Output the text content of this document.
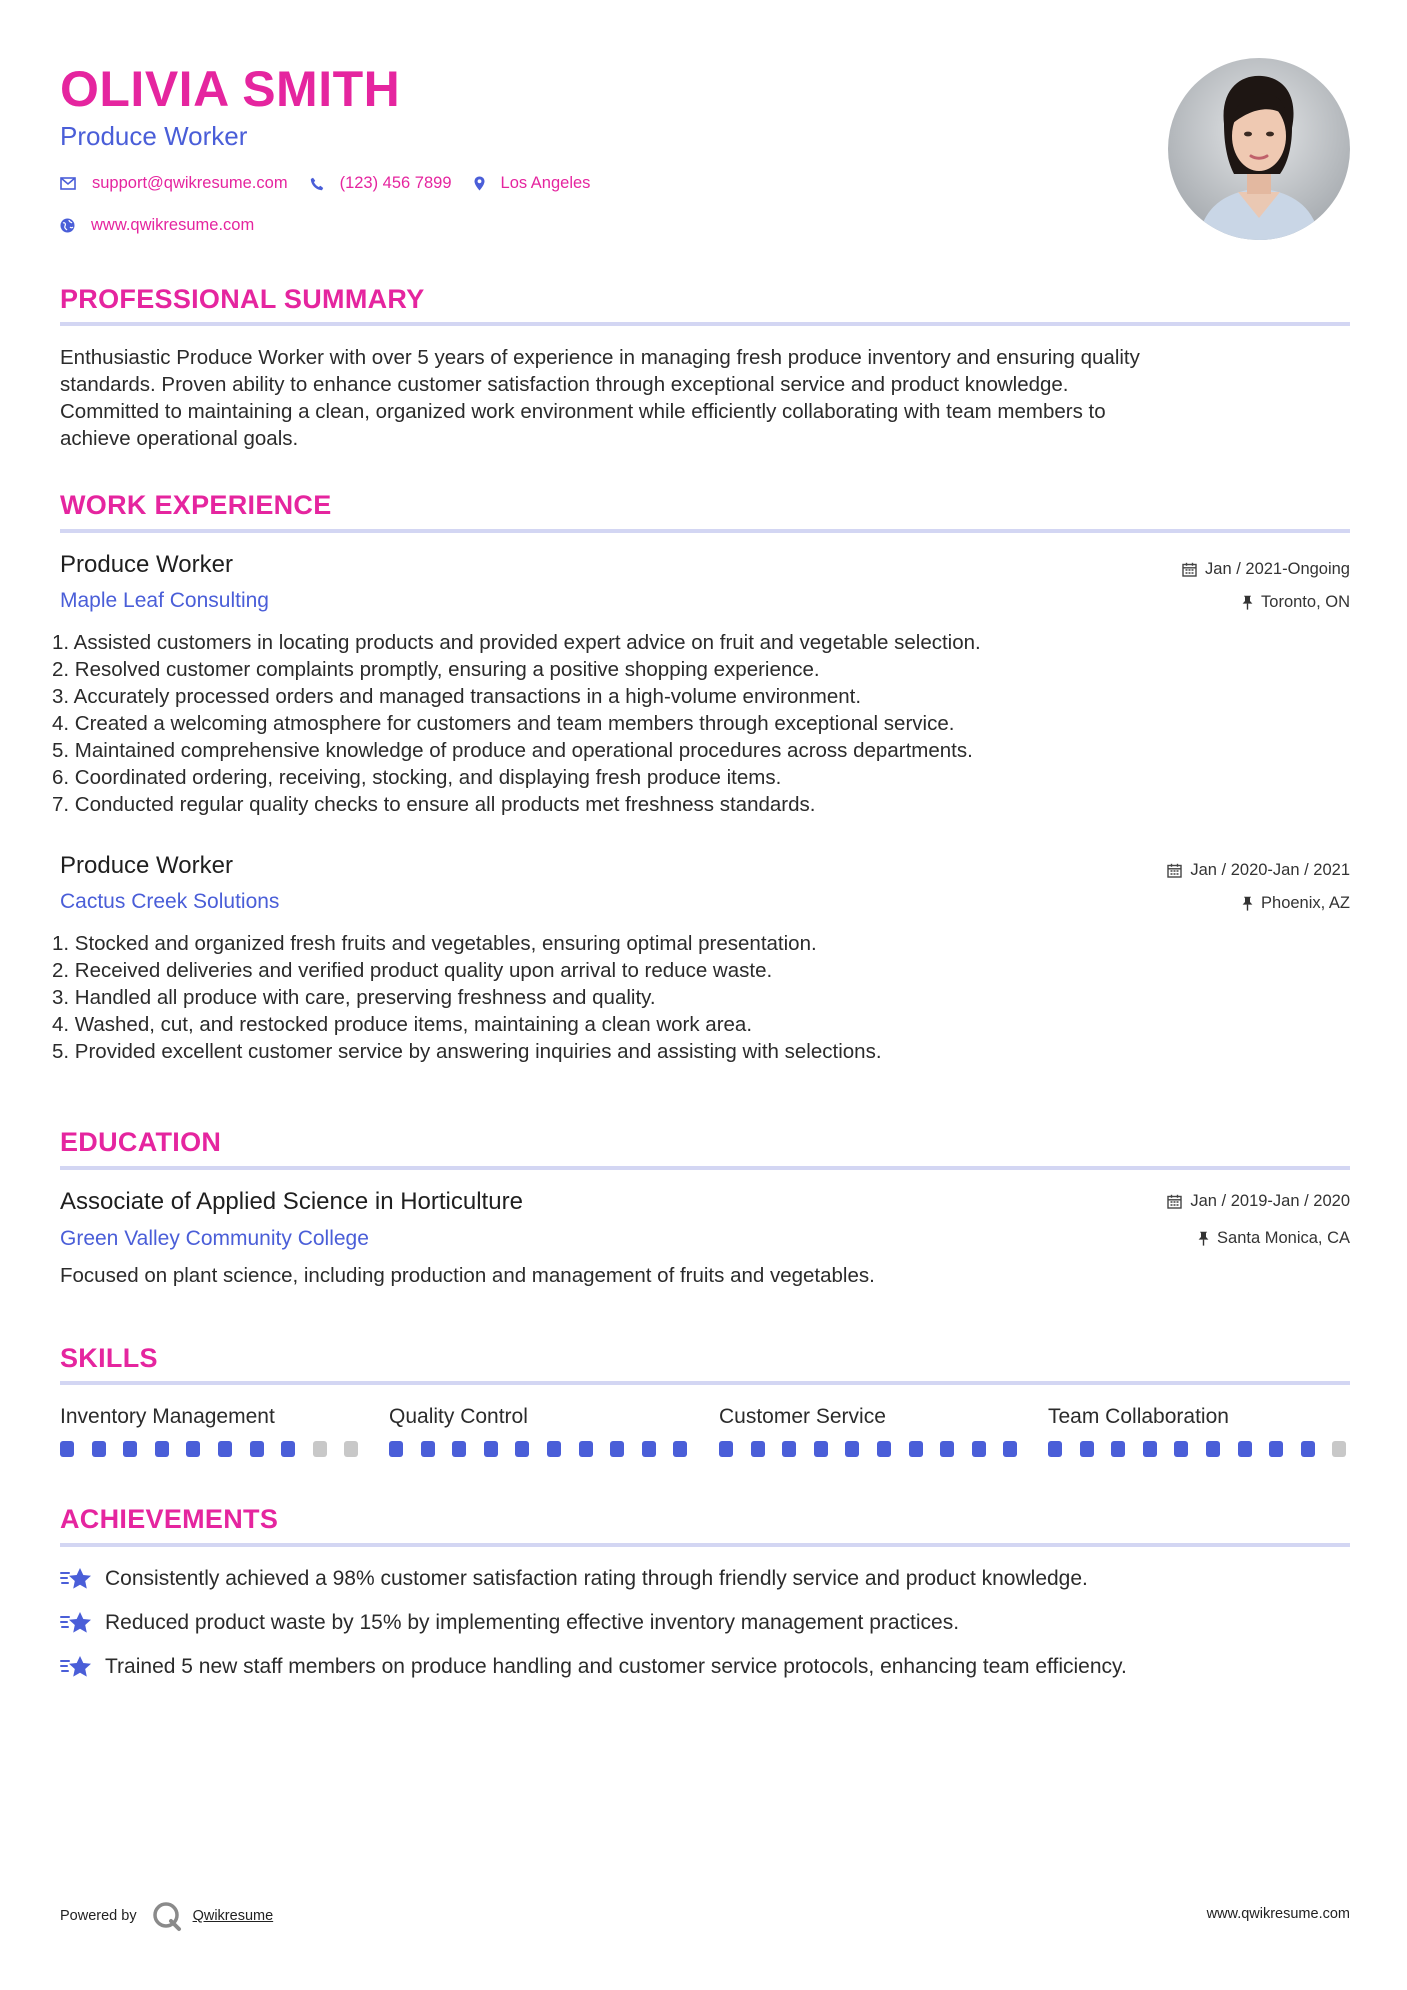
OLIVIA SMITH
Produce Worker
support@qwikresume.com	(123) 456 7899	Los Angeles
www.qwikresume.com
PROFESSIONAL SUMMARY
Enthusiastic Produce Worker with over 5 years of experience in managing fresh produce inventory and ensuring quality
standards. Proven ability to enhance customer satisfaction through exceptional service and product knowledge.
Committed to maintaining a clean, organized work environment while efficiently collaborating with team members to
achieve operational goals.
WORK EXPERIENCE
Produce Worker
Maple Leaf Consulting
Jan / 2021-Ongoing
Toronto, ON
1. Assisted customers in locating products and provided expert advice on fruit and vegetable selection.
2. Resolved customer complaints promptly, ensuring a positive shopping experience.
3. Accurately processed orders and managed transactions in a high-volume environment.
4. Created a welcoming atmosphere for customers and team members through exceptional service.
5. Maintained comprehensive knowledge of produce and operational procedures across departments.
6. Coordinated ordering, receiving, stocking, and displaying fresh produce items.
7. Conducted regular quality checks to ensure all products met freshness standards.
Produce Worker
Cactus Creek Solutions
Jan / 2020-Jan / 2021
Phoenix, AZ
1. Stocked and organized fresh fruits and vegetables, ensuring optimal presentation.
2. Received deliveries and verified product quality upon arrival to reduce waste.
3. Handled all produce with care, preserving freshness and quality.
4. Washed, cut, and restocked produce items, maintaining a clean work area.
5. Provided excellent customer service by answering inquiries and assisting with selections.
EDUCATION
Associate of Applied Science in Horticulture
Green Valley Community College
Jan / 2019-Jan / 2020
Santa Monica, CA
Focused on plant science, including production and management of fruits and vegetables.
SKILLS
Inventory Management	Quality Control	Customer Service	Team Collaboration
ACHIEVEMENTS
Consistently achieved a 98% customer satisfaction rating through friendly service and product knowledge.
Reduced product waste by 15% by implementing effective inventory management practices.
Trained 5 new staff members on produce handling and customer service protocols, enhancing team efficiency.
Powered by	Qwikresume	www.qwikresume.com
